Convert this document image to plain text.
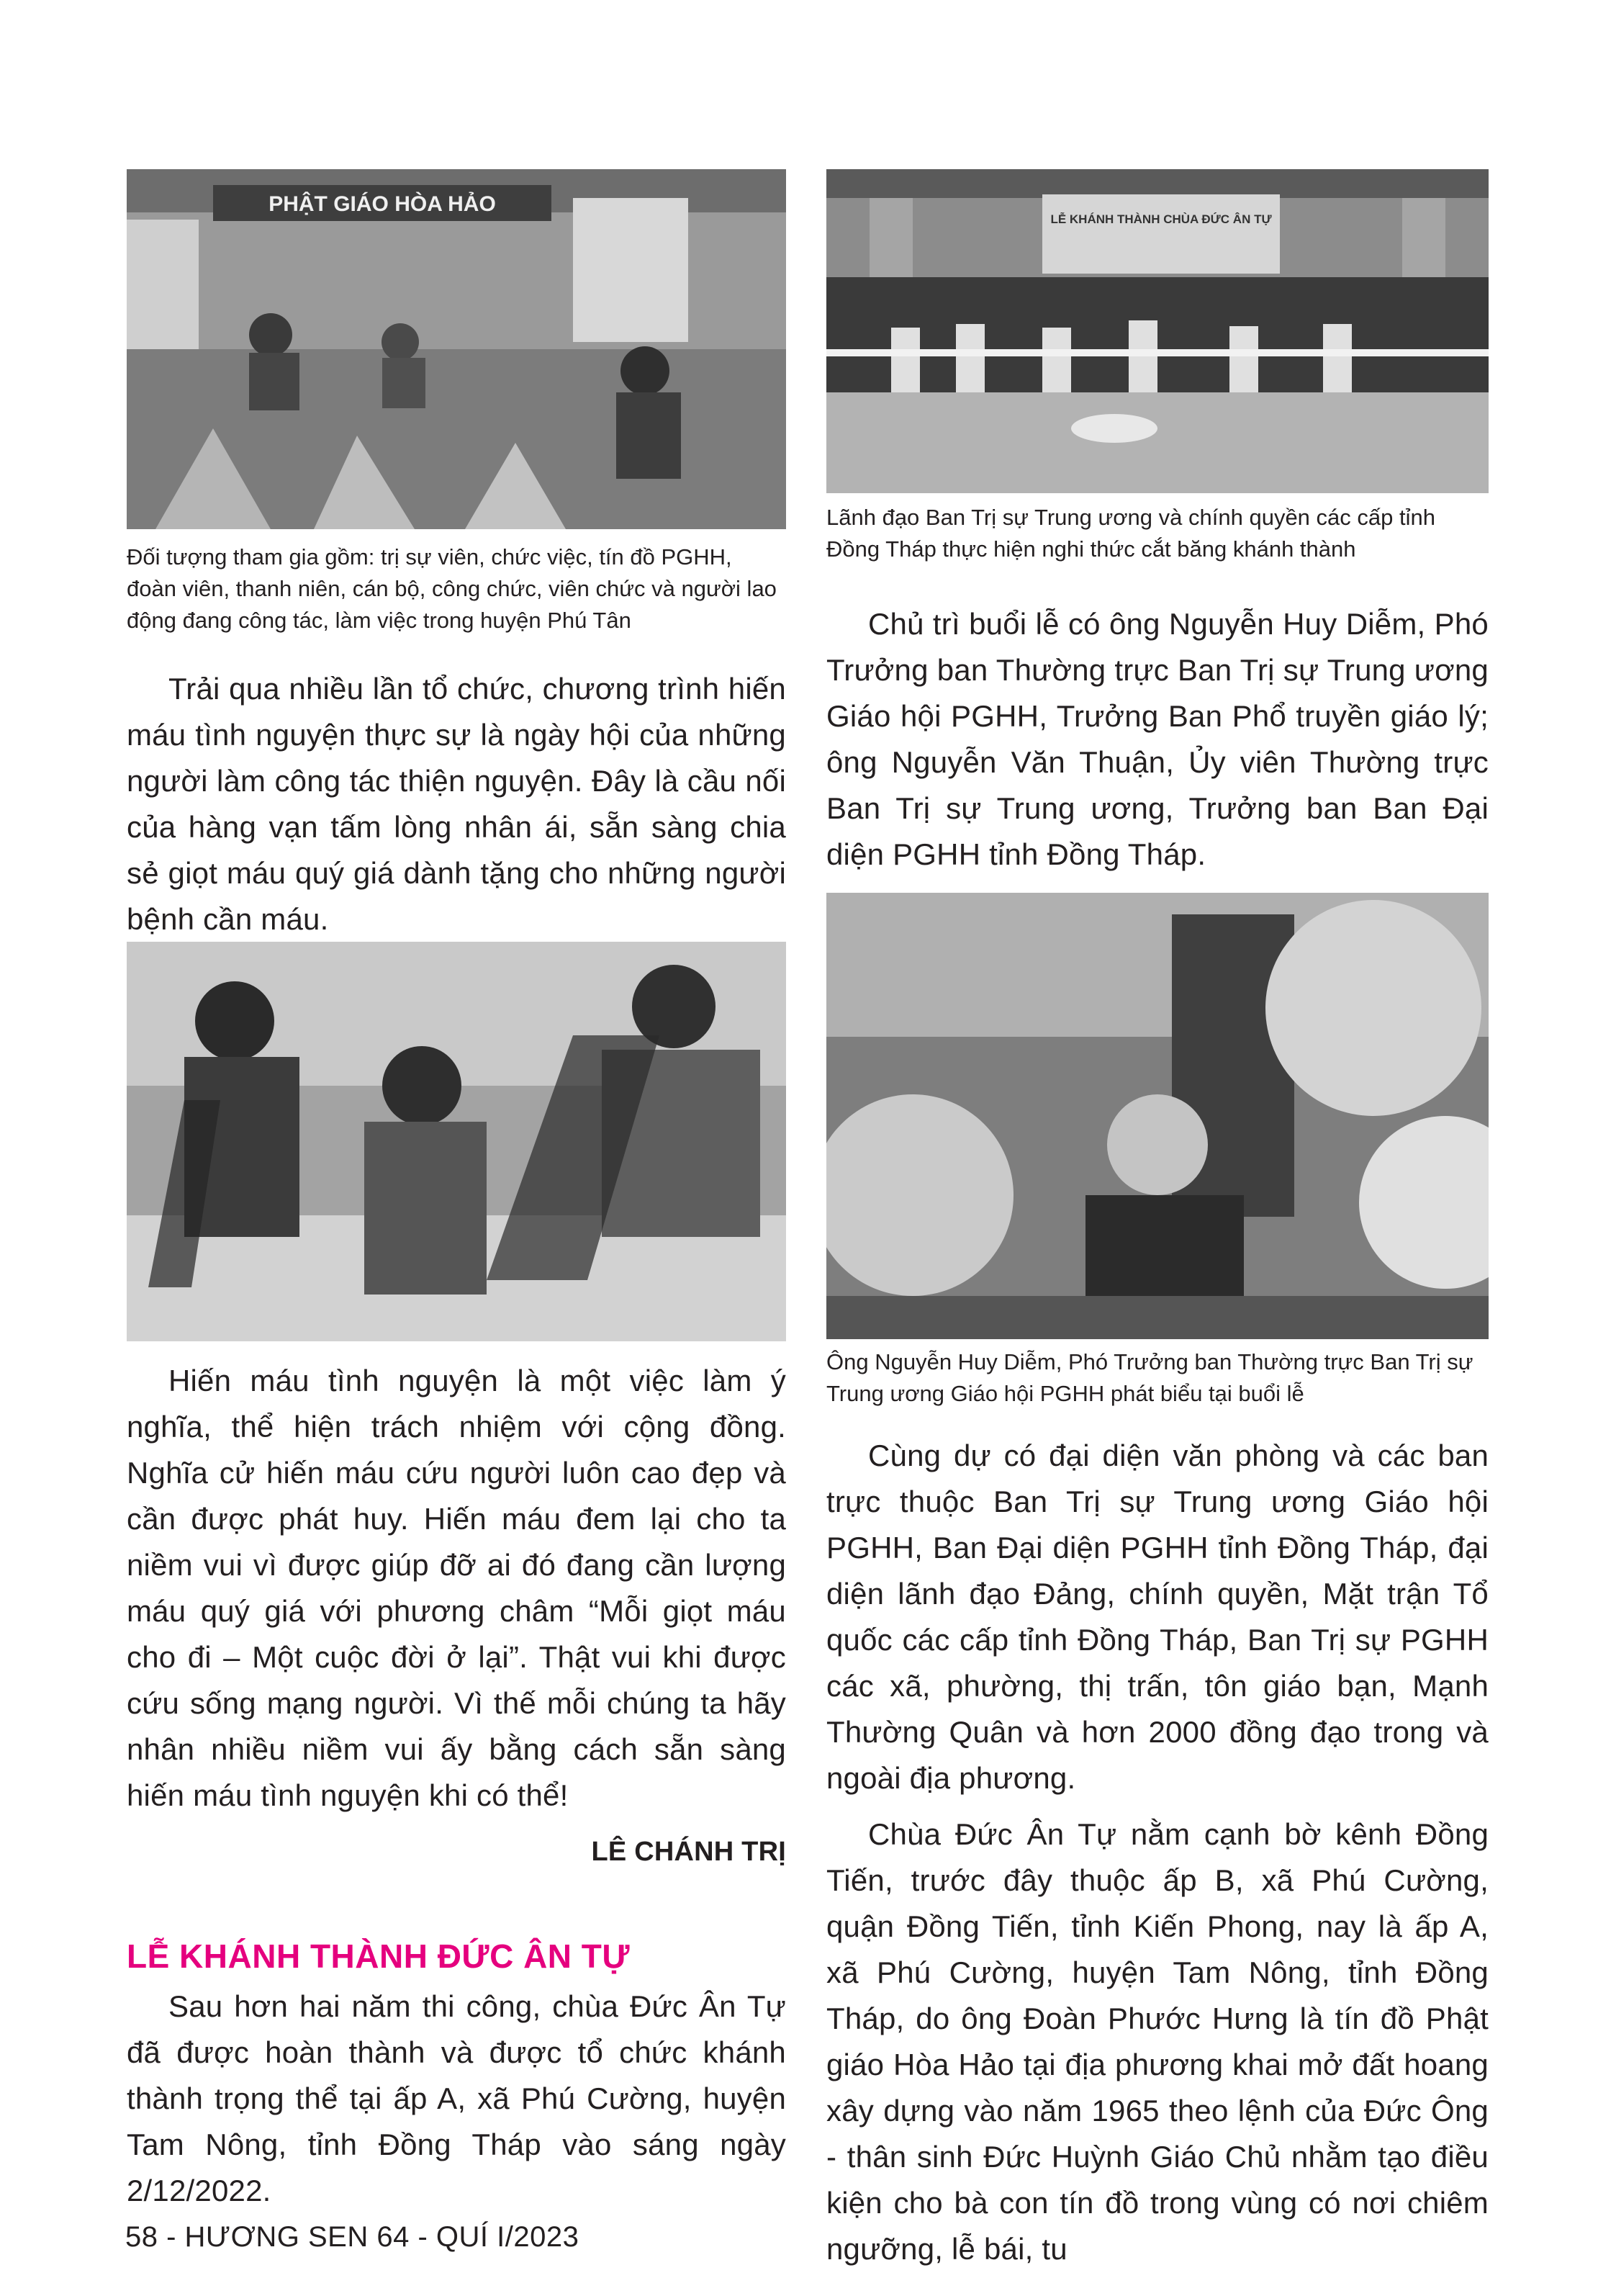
PHẬT GIÁO HÒA HẢO
LỄ KHÁNH THÀNH CHÙA ĐỨC ÂN TỰ

Đối tượng tham gia gồm: trị sự viên, chức việc, tín đồ PGHH, đoàn viên, thanh niên, cán bộ, công chức, viên chức và người lao động đang công tác, làm việc trong huyện Phú Tân

Lãnh đạo Ban Trị sự Trung ương và chính quyền các cấp tỉnh Đồng Tháp thực hiện nghi thức cắt băng khánh thành

Trải qua nhiều lần tổ chức, chương trình hiến máu tình nguyện thực sự là ngày hội của những người làm công tác thiện nguyện. Đây là cầu nối của hàng vạn tấm lòng nhân ái, sẵn sàng chia sẻ giọt máu quý giá dành tặng cho những người bệnh cần máu.

Chủ trì buổi lễ có ông Nguyễn Huy Diễm, Phó Trưởng ban Thường trực Ban Trị sự Trung ương Giáo hội PGHH, Trưởng Ban Phổ truyền giáo lý; ông Nguyễn Văn Thuận, Ủy viên Thường trực Ban Trị sự Trung ương, Trưởng ban Ban Đại diện PGHH tỉnh Đồng Tháp.

Ông Nguyễn Huy Diễm, Phó Trưởng ban Thường trực Ban Trị sự Trung ương Giáo hội PGHH phát biểu tại buổi lễ

Hiến máu tình nguyện là một việc làm ý nghĩa, thể hiện trách nhiệm với cộng đồng. Nghĩa cử hiến máu cứu người luôn cao đẹp và cần được phát huy. Hiến máu đem lại cho ta niềm vui vì được giúp đỡ ai đó đang cần lượng máu quý giá với phương châm “Mỗi giọt máu cho đi – Một cuộc đời ở lại”. Thật vui khi được cứu sống mạng người. Vì thế mỗi chúng ta hãy nhân nhiều niềm vui ấy bằng cách sẵn sàng hiến máu tình nguyện khi có thể!

LÊ CHÁNH TRỊ

LỄ KHÁNH THÀNH ĐỨC ÂN TỰ

Sau hơn hai năm thi công, chùa Đức Ân Tự đã được hoàn thành và được tổ chức khánh thành trọng thể tại ấp A, xã Phú Cường, huyện Tam Nông, tỉnh Đồng Tháp vào sáng ngày 2/12/2022.

Cùng dự có đại diện văn phòng và các ban trực thuộc Ban Trị sự Trung ương Giáo hội PGHH, Ban Đại diện PGHH tỉnh Đồng Tháp, đại diện lãnh đạo Đảng, chính quyền, Mặt trận Tổ quốc các cấp tỉnh Đồng Tháp, Ban Trị sự PGHH các xã, phường, thị trấn, tôn giáo bạn, Mạnh Thường Quân và hơn 2000 đồng đạo trong và ngoài địa phương.

Chùa Đức Ân Tự nằm cạnh bờ kênh Đồng Tiến, trước đây thuộc ấp B, xã Phú Cường, quận Đồng Tiến, tỉnh Kiến Phong, nay là ấp A, xã Phú Cường, huyện Tam Nông, tỉnh Đồng Tháp, do ông Đoàn Phước Hưng là tín đồ Phật giáo Hòa Hảo tại địa phương khai mở đất hoang xây dựng vào năm 1965 theo lệnh của Đức Ông - thân sinh Đức Huỳnh Giáo Chủ nhằm tạo điều kiện cho bà con tín đồ trong vùng có nơi chiêm ngưỡng, lễ bái, tu

58 - HƯƠNG SEN 64 - QUÍ I/2023
